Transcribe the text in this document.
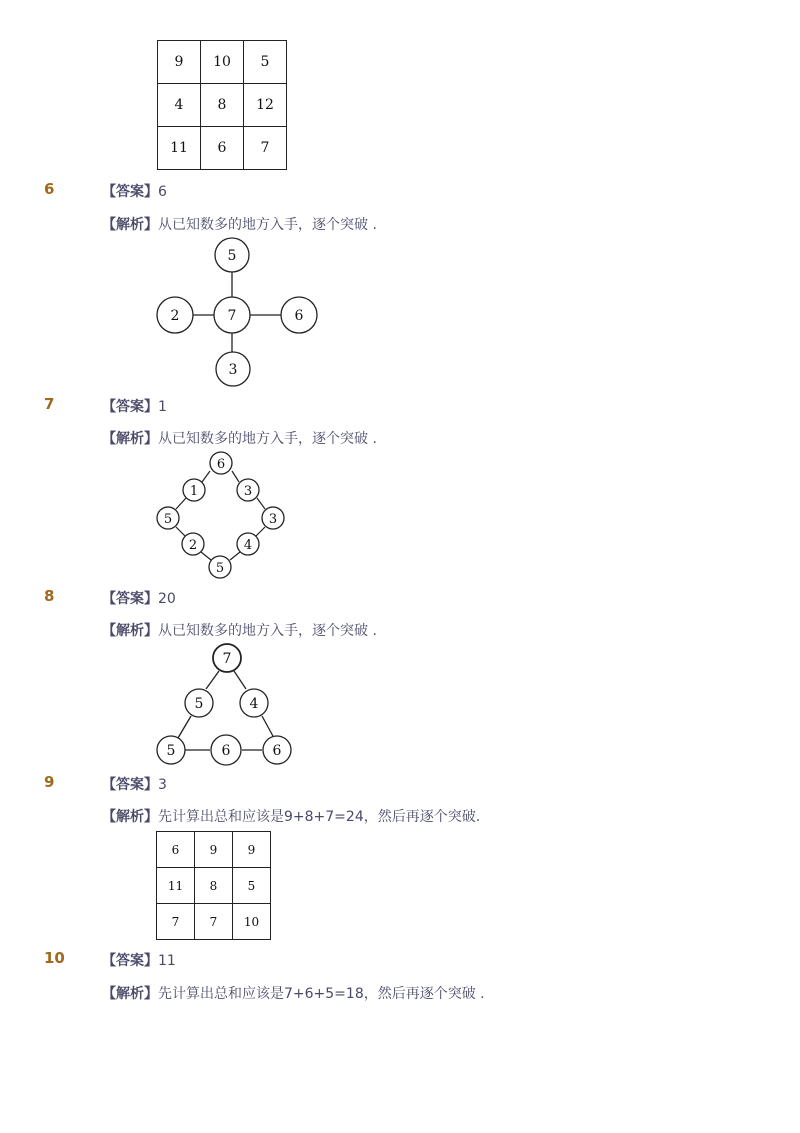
9	10	5
4	8	12
11	6	7
6	【答案】6
【解析】从已知数多的地方入手，逐个突破 .
5
2	7	6
3
6
1	3
5	3
2	4
5
7
5	4
5	6	6
7	【答案】1
【解析】从已知数多的地方入手，逐个突破 .
8	【答案】20
【解析】从已知数多的地方入手，逐个突破 .
9	【答案】3
【解析】先计算出总和应该是9+8+7=24，然后再逐个突破.
6	9	9
11	8	5
7	7	10
10	【答案】11
【解析】先计算出总和应该是7+6+5=18，然后再逐个突破 .
